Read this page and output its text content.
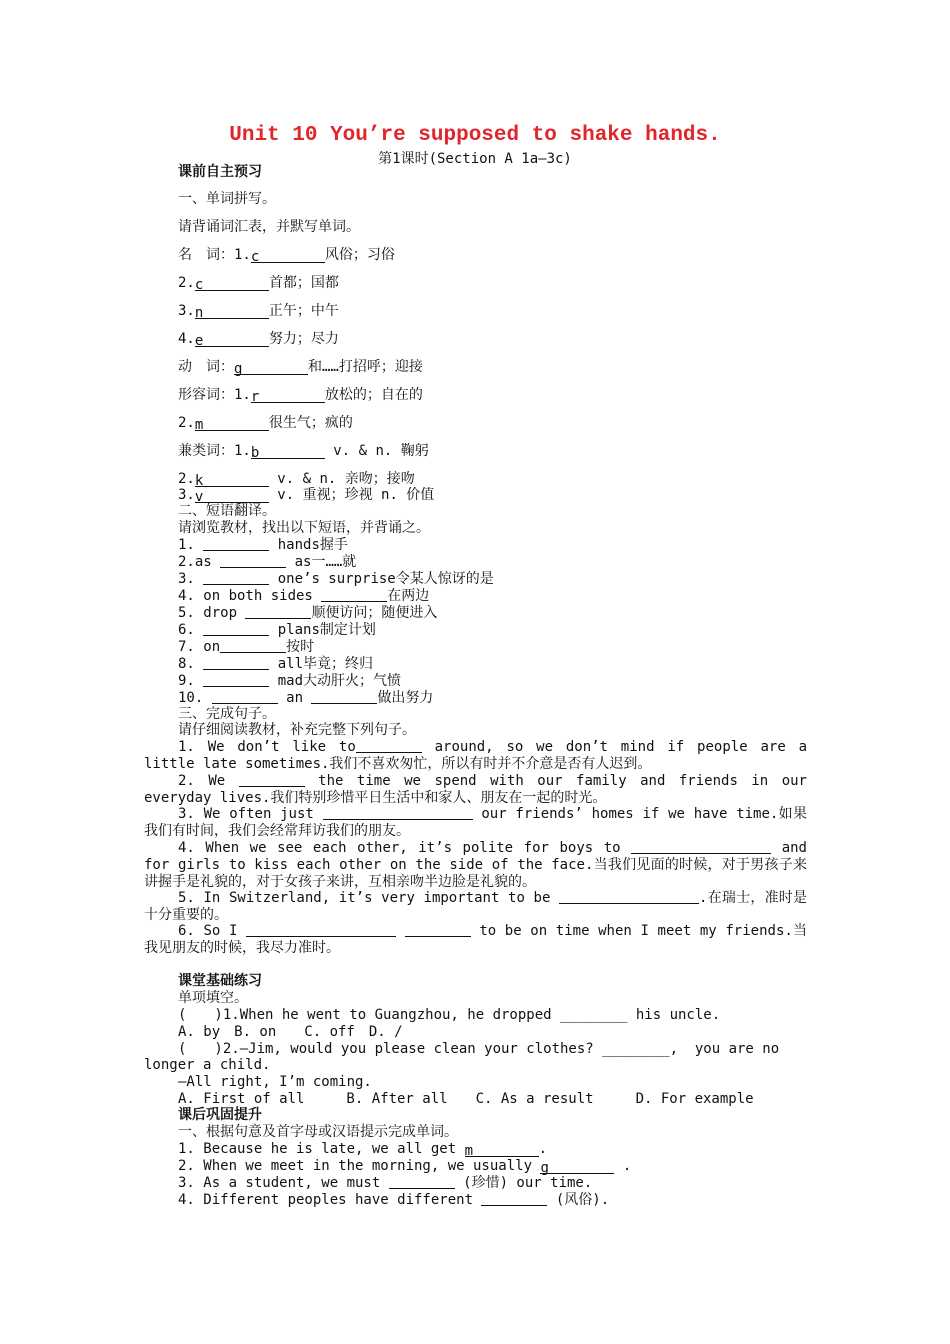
Unit 10 You’re supposed to shake hands.
第1课时(Section A 1a—3c)
课前自主预习
一、单词拼写。
请背诵词汇表，并默写单词。
名　词：1.c	风俗；习俗
2.c	首都；国都
3.n	正午；中午
4.e	努力；尽力
动　词：g	和……打招呼；迎接
形容词：1.r	放松的；自在的
2.m	很生气；疯的
兼类词：1.b	v. & n. 鞠躬
2.k	v. & n. 亲吻；接吻
3.v	v. 重视；珍视 n. 价值
二、短语翻译。
请浏览教材，找出以下短语，并背诵之。
1.	hands握手
2.as	as一……就
3.	one’s surprise令某人惊讶的是
4. on both sides	在两边
5. drop	顺便访问；随便进入
6.	plans制定计划
7. on	按时
8.	all毕竟；终归
9.	mad大动肝火；气愤
10.	an	做出努力
三、完成句子。
请仔细阅读教材，补充完整下列句子。
1. We don’t like to	around, so we don’t mind if people are a little late sometimes.我们不喜欢匆忙，所以有时并不介意是否有人迟到。
2. We	the time we spend with our family and friends in our everyday lives.我们特别珍惜平日生活中和家人、朋友在一起的时光。
3. We often just	our friends’ homes if we have time.如果我们有时间，我们会经常拜访我们的朋友。
4. When we see each other, it’s polite for boys to	and for girls to kiss each other on the side of the face.当我们见面的时候，对于男孩子来讲握手是礼貌的，对于女孩子来讲，互相亲吻半边脸是礼貌的。
5. In Switzerland, it’s very important to be	.在瑞士，准时是十分重要的。
6. So I	to be on time when I meet my friends.当我见朋友的时候，我尽力准时。
课堂基础练习
单项填空。
(　　)1.When he went to Guangzhou, he dropped ________ his uncle.
A. by　B. on　　C. off　D. /
(　　)2.—Jim, would you please clean your clothes? ________,  you are no
longer a child.
—All right, I’m coming.
A. First of all　　　B. After all　　C. As a result　　　D. For example
课后巩固提升
一、根据句意及首字母或汉语提示完成单词。
1. Because he is late, we all get m	.
2. When we meet in the morning, we usually g	.
3. As a student, we must	(珍惜) our time.
4. Different peoples have different	(风俗).
